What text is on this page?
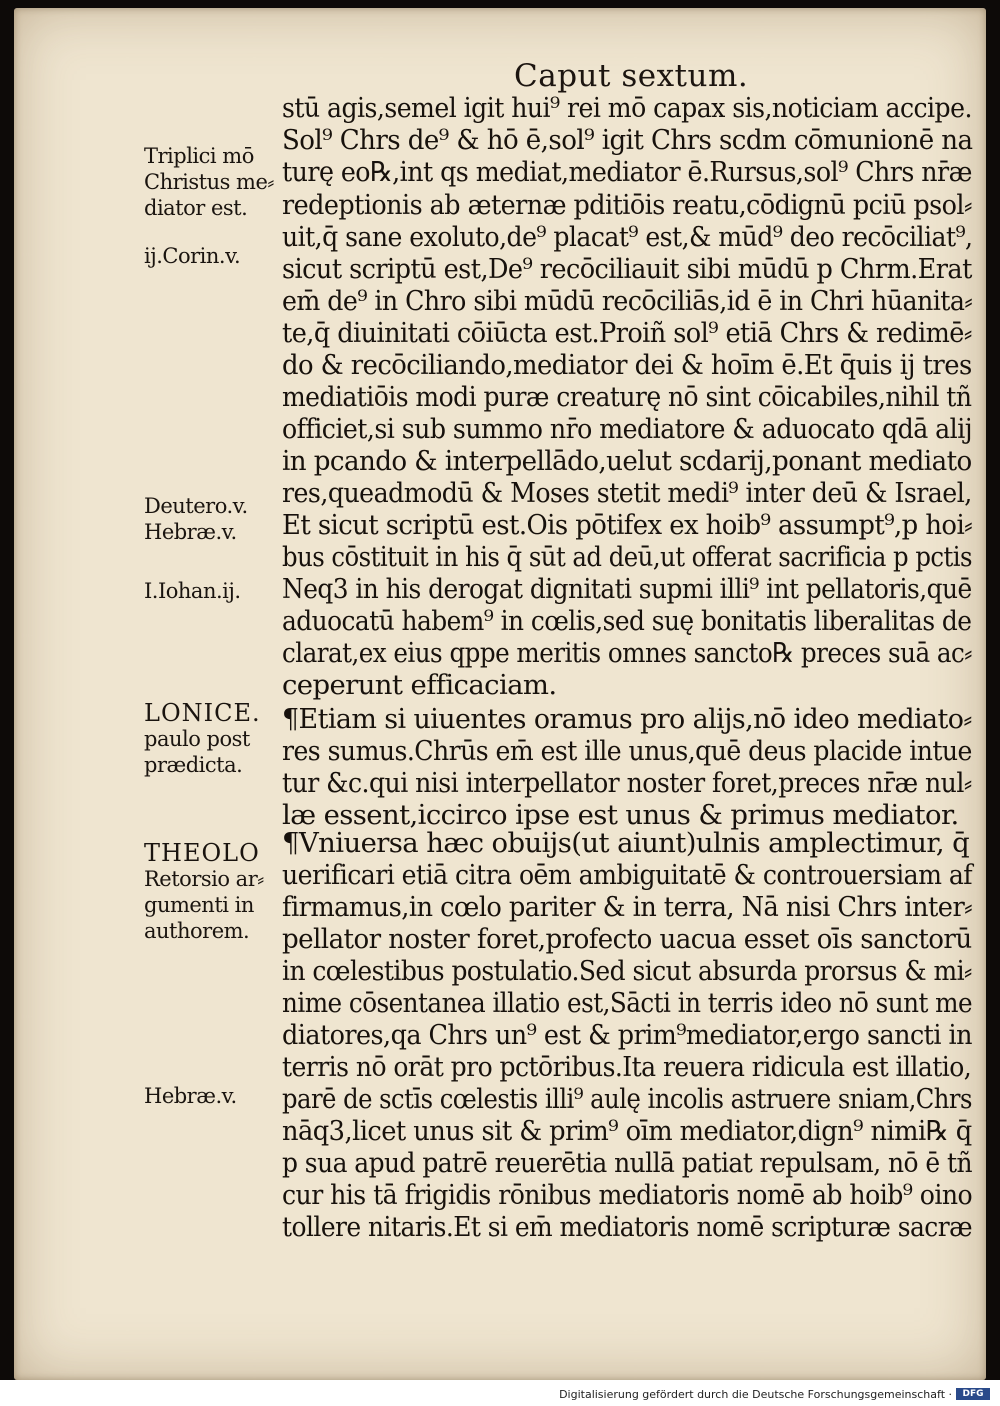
Caput sextum.
stū agis,semel igit hui⁹ rei mō capax sis,noticiam accipe.
Sol⁹ Chrs de⁹ & hō ē,sol⁹ igit Chrs scdm cōmunionē na
turę eo℞,int qs mediat,mediator ē.Rursus,sol⁹ Chrs nr̄æ
redeptionis ab æternæ pditiōis reatu,cōdignū pciū psol⸗
uit,q̄ sane exoluto,de⁹ placat⁹ est,& mūd⁹ deo recōciliat⁹,
sicut scriptū est,De⁹ recōciliauit sibi mūdū p Chrm.Erat
em̄ de⁹ in Chro sibi mūdū recōciliās,id ē in Chri hūanita⸗
te,q̄ diuinitati cōiūcta est.Proiñ sol⁹ etiā Chrs & redimē⸗
do & recōciliando,mediator dei & hoīm ē.Et q̄uis ij tres
mediatiōis modi puræ creaturę nō sint cōicabiles,nihil tñ
officiet,si sub summo nr̄o mediatore & aduocato qdā alij
in pcando & interpellādo,uelut scdarij,ponant mediato
res,queadmodū & Moses stetit medi⁹ inter deū & Israel,
Et sicut scriptū est.Ois pōtifex ex hoib⁹ assumpt⁹,p hoi⸗
bus cōstituit in his q̄ sūt ad deū,ut offerat sacrificia p pctis
Neq3 in his derogat dignitati supmi illi⁹ int pellatoris,quē
aduocatū habem⁹ in cœlis,sed suę bonitatis liberalitas de
clarat,ex eius qppe meritis omnes sancto℞ preces suā ac⸗
ceperunt efficaciam.
¶Etiam si uiuentes oramus pro alijs,nō ideo mediato⸗
res sumus.Chrūs em̄ est ille unus,quē deus placide intue
tur &c.qui nisi interpellator noster foret,preces nr̄æ nul⸗
læ essent,iccirco ipse est unus & primus mediator.
¶Vniuersa hæc obuijs(ut aiunt)ulnis amplectimur, q̄
uerificari etiā citra oēm ambiguitatē & controuersiam af
firmamus,in cœlo pariter & in terra, Nā nisi Chrs inter⸗
pellator noster foret,profecto uacua esset oīs sanctorū
in cœlestibus postulatio.Sed sicut absurda prorsus & mi⸗
nime cōsentanea illatio est,Sācti in terris ideo nō sunt me
diatores,qa Chrs un⁹ est & prim⁹mediator,ergo sancti in
terris nō orāt pro pctōribus.Ita reuera ridicula est illatio,
parē de sctīs cœlestis illi⁹ aulę incolis astruere sniam,Chrs
nāq3,licet unus sit & prim⁹ oīm mediator,dign⁹ nimi℞ q̄
p sua apud patrē reuerētia nullā patiat repulsam, nō ē tñ
cur his tā frigidis rōnibus mediatoris nomē ab hoib⁹ oino
tollere nitaris.Et si em̄ mediatoris nomē scripturæ sacræ
Triplici mō
Christus me⸗
diator est.
ij.Corin.v.
Deutero.v.
Hebræ.v.
I.Iohan.ij.
LONICE.
paulo post
prædicta.
THEOLO
Retorsio ar⸗
gumenti in
authorem.
Hebræ.v.
Digitalisierung gefördert durch die Deutsche Forschungsgemeinschaft ·	DFG
